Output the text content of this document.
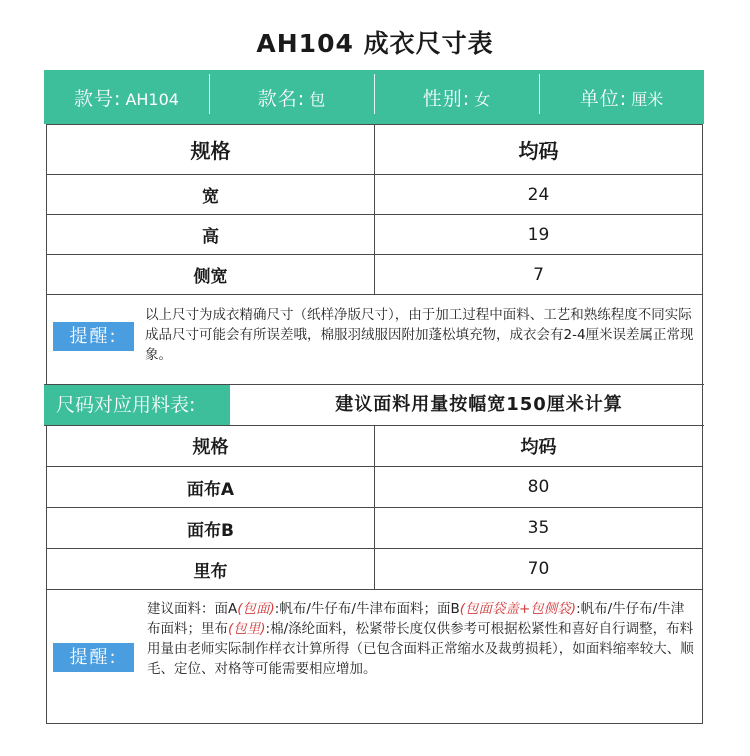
AH104 成衣尺寸表
款号: AH104	款名: 包	性别: 女	单位: 厘米
规格	均码
宽	24
高	19
侧宽	7
提醒:
以上尺寸为成衣精确尺寸（纸样净版尺寸），由于加工过程中面料、工艺和熟练程度不同实际成品尺寸可能会有所误差哦，棉服羽绒服因附加蓬松填充物，成衣会有2-4厘米误差属正常现象。
尺码对应用料表:	建议面料用量按幅宽150厘米计算
规格	均码
面布A	80
面布B	35
里布	70
提醒:
建议面料：面A(包面):帆布/牛仔布/牛津布面料；面B(包面袋盖+包侧袋):帆布/牛仔布/牛津布面料；里布(包里):棉/涤纶面料，松紧带长度仅供参考可根据松紧性和喜好自行调整，布料用量由老师实际制作样衣计算所得（已包含面料正常缩水及裁剪损耗），如面料缩率较大、顺毛、定位、对格等可能需要相应增加。
